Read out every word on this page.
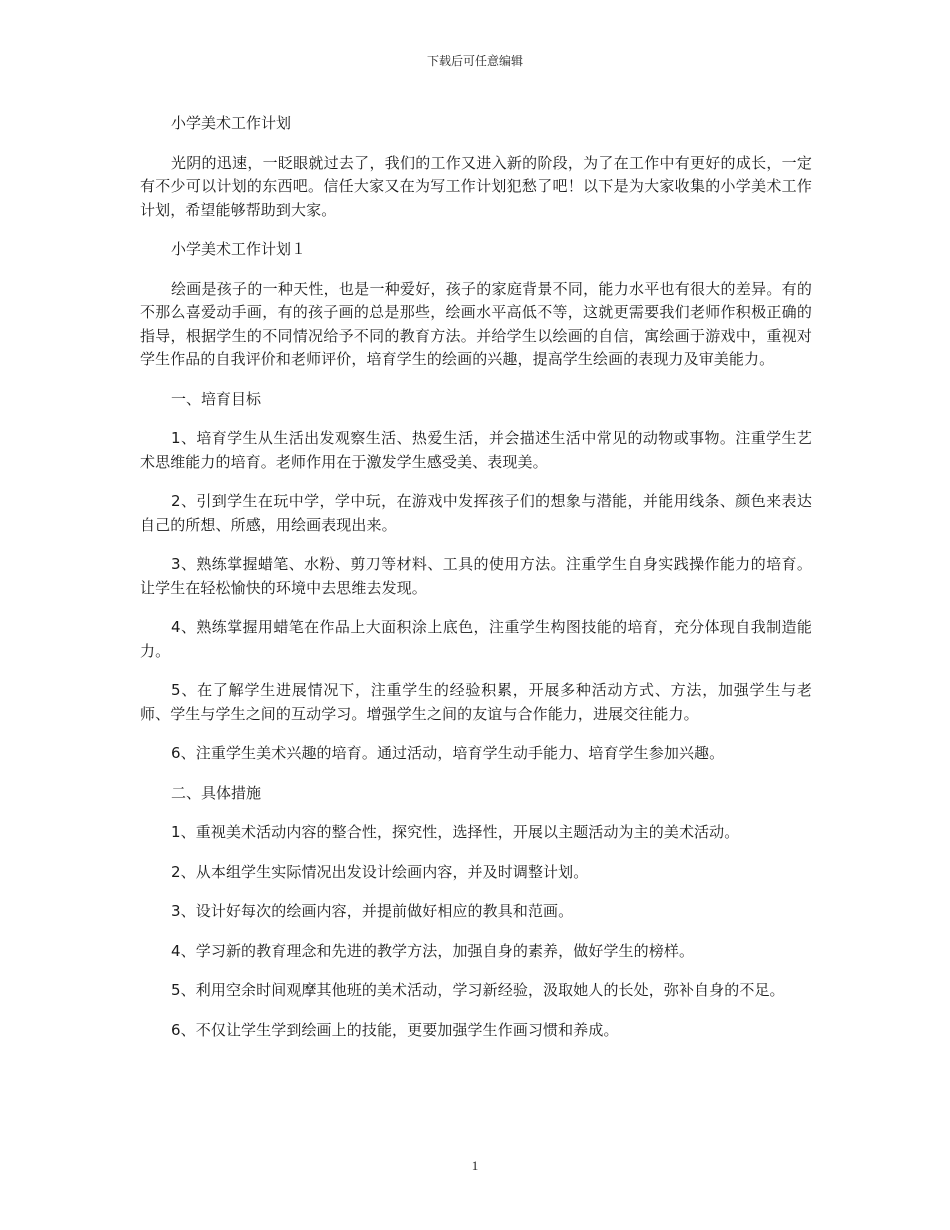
下载后可任意编辑

小学美术工作计划

光阴的迅速，一眨眼就过去了，我们的工作又进入新的阶段，为了在工作中有更好的成长，一定有不少可以计划的东西吧。信任大家又在为写工作计划犯愁了吧！以下是为大家收集的小学美术工作计划，希望能够帮助到大家。

小学美术工作计划１

绘画是孩子的一种天性，也是一种爱好，孩子的家庭背景不同，能力水平也有很大的差异。有的不那么喜爱动手画，有的孩子画的总是那些，绘画水平高低不等，这就更需要我们老师作积极正确的指导，根据学生的不同情况给予不同的教育方法。并给学生以绘画的自信，寓绘画于游戏中，重视对学生作品的自我评价和老师评价，培育学生的绘画的兴趣，提高学生绘画的表现力及审美能力。

一、培育目标

1、培育学生从生活出发观察生活、热爱生活，并会描述生活中常见的动物或事物。注重学生艺术思维能力的培育。老师作用在于激发学生感受美、表现美。

2、引到学生在玩中学，学中玩，在游戏中发挥孩子们的想象与潜能，并能用线条、颜色来表达自己的所想、所感，用绘画表现出来。

3、熟练掌握蜡笔、水粉、剪刀等材料、工具的使用方法。注重学生自身实践操作能力的培育。让学生在轻松愉快的环境中去思维去发现。

4、熟练掌握用蜡笔在作品上大面积涂上底色，注重学生构图技能的培育，充分体现自我制造能力。

5、在了解学生进展情况下，注重学生的经验积累，开展多种活动方式、方法，加强学生与老师、学生与学生之间的互动学习。增强学生之间的友谊与合作能力，进展交往能力。

6、注重学生美术兴趣的培育。通过活动，培育学生动手能力、培育学生参加兴趣。

二、具体措施

1、重视美术活动内容的整合性，探究性，选择性，开展以主题活动为主的美术活动。

2、从本组学生实际情况出发设计绘画内容，并及时调整计划。

3、设计好每次的绘画内容，并提前做好相应的教具和范画。

4、学习新的教育理念和先进的教学方法，加强自身的素养，做好学生的榜样。

5、利用空余时间观摩其他班的美术活动，学习新经验，汲取她人的长处，弥补自身的不足。

6、不仅让学生学到绘画上的技能，更要加强学生作画习惯和养成。

1
